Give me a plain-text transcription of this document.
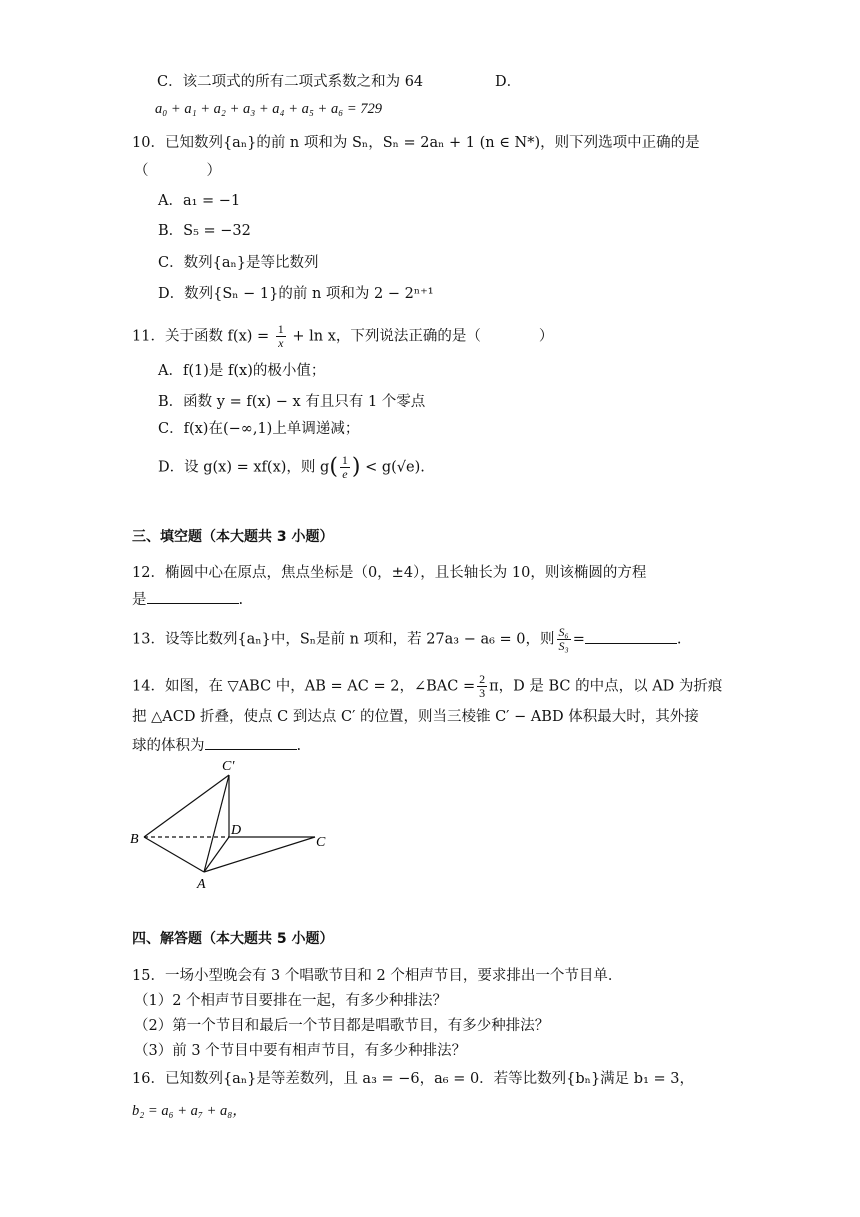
C．该二项式的所有二项式系数之和为 64	D．
a₀ + a₁ + a₂ + a₃ + a₄ + a₅ + a₆ = 729
10．已知数列{aₙ}的前 n 项和为 Sₙ，Sₙ = 2aₙ + 1 (n ∈ N*)，则下列选项中正确的是
（　　　　）
A．a₁ = −1
B．S₅ = −32
C．数列{aₙ}是等比数列
D．数列{Sₙ − 1}的前 n 项和为 2 − 2ⁿ⁺¹
11．关于函数 $f(x) = \frac{1}{x} + \ln x$，下列说法正确的是（　　　　）
A．f(1)是 f(x)的极小值；
B．函数 y = f(x) − x 有且只有 1 个零点
C．f(x)在(−∞,1)上单调递减；
D．设 g(x) = xf(x)，则 $g( \frac{1}{e}$ ) < g(√e).
三、填空题（本大题共 3 小题）
12．椭圆中心在原点，焦点坐标是（0，±4），且长轴长为 10，则该椭圆的方程
是	.
13．设等比数列{aₙ}中，Sₙ是前 n 项和，若 27a₃ − a₆ = 0，则 $\frac{\text{S₆}}{\text{S₃}}$ =	.
14．如图，在 ▽ABC 中，AB = AC = 2，∠BAC = $\frac{2}{3}$ π，D 是 BC 的中点，以 AD 为折痕
把 △ACD 折叠，使点 C 到达点 C′ 的位置，则当三棱锥 C′ − ABD 体积最大时，其外接
球的体积为	.
C′
B
D
C
A
四、解答题（本大题共 5 小题）
15．一场小型晚会有 3 个唱歌节目和 2 个相声节目，要求排出一个节目单．
（1）2 个相声节目要排在一起，有多少种排法？
（2）第一个节目和最后一个节目都是唱歌节目，有多少种排法？
（3）前 3 个节目中要有相声节目，有多少种排法？
16．已知数列{aₙ}是等差数列，且 a₃ = −6，a₆ = 0．若等比数列{bₙ}满足 b₁ = 3，
b₂ = a₆ + a₇ + a₈，
